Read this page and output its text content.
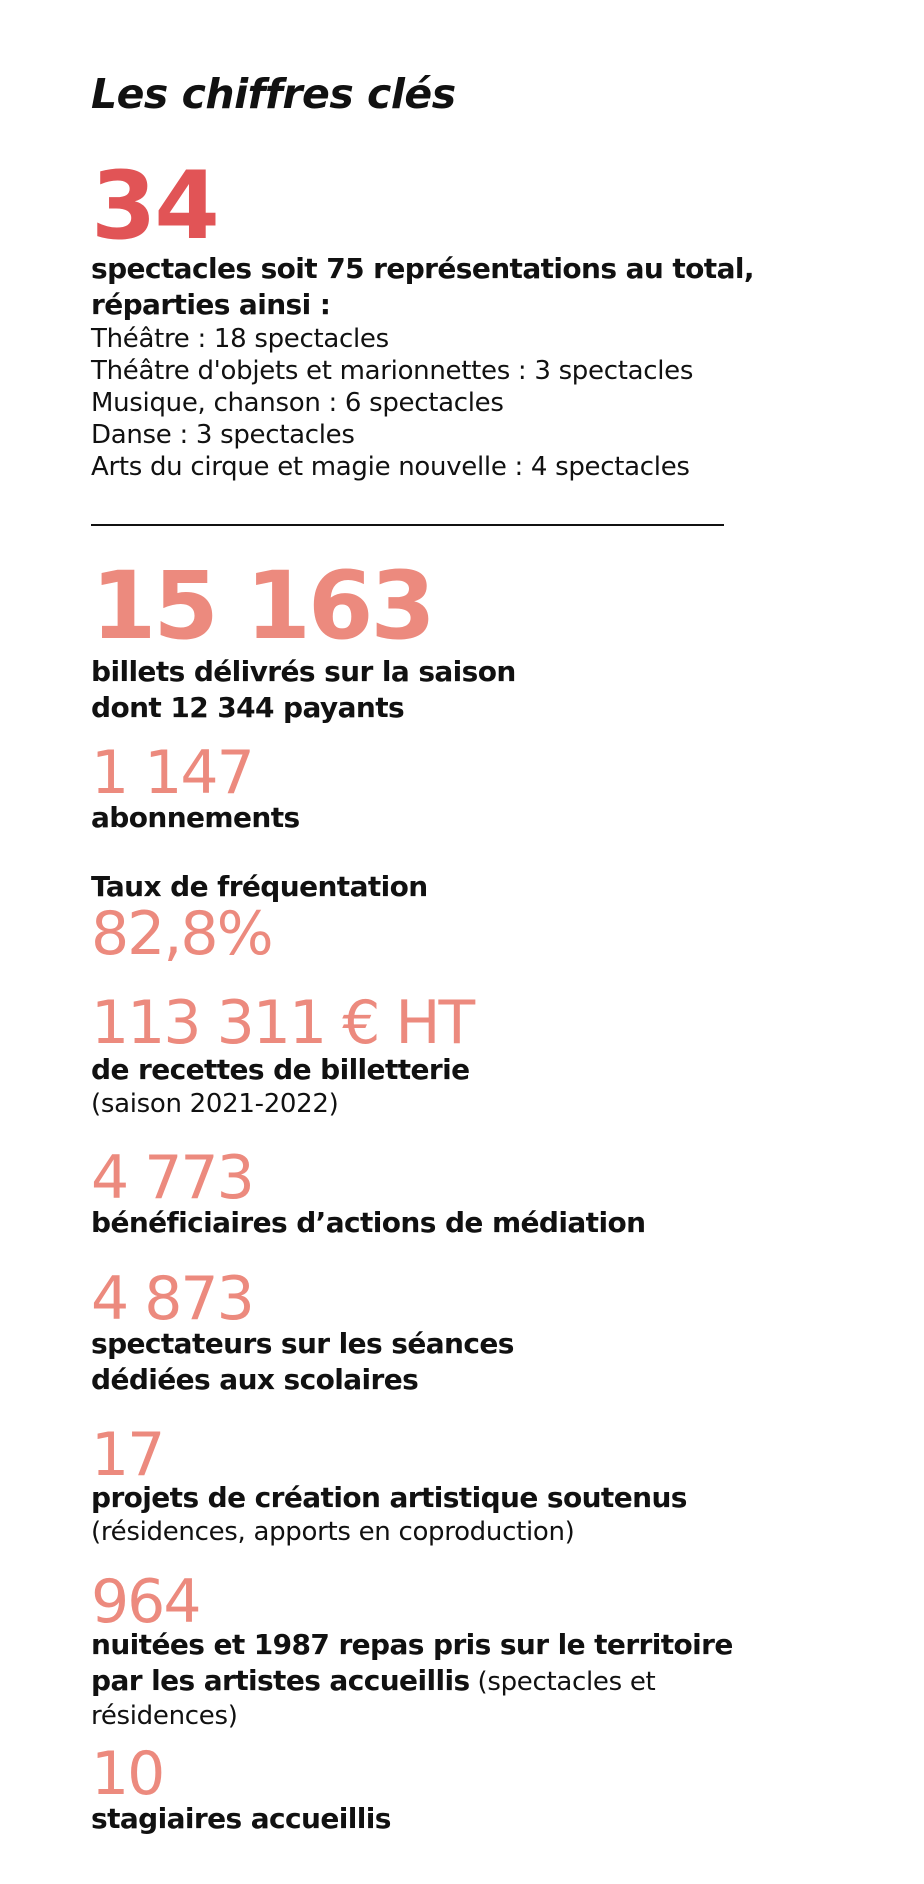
Les chiffres clés
34
spectacles soit 75 représentations au total,
réparties ainsi :
Théâtre : 18 spectacles
Théâtre d'objets et marionnettes : 3 spectacles
Musique, chanson : 6 spectacles
Danse : 3 spectacles
Arts du cirque et magie nouvelle : 4 spectacles
15 163
billets délivrés sur la saison
dont 12 344 payants
1 147
abonnements
Taux de fréquentation
82,8%
113 311 € HT
de recettes de billetterie
(saison 2021-2022)
4 773
bénéficiaires d’actions de médiation
4 873
spectateurs sur les séances
dédiées aux scolaires
17
projets de création artistique soutenus
(résidences, apports en coproduction)
964
nuitées et 1987 repas pris sur le territoire
par les artistes accueillis (spectacles et
résidences)
10
stagiaires accueillis
